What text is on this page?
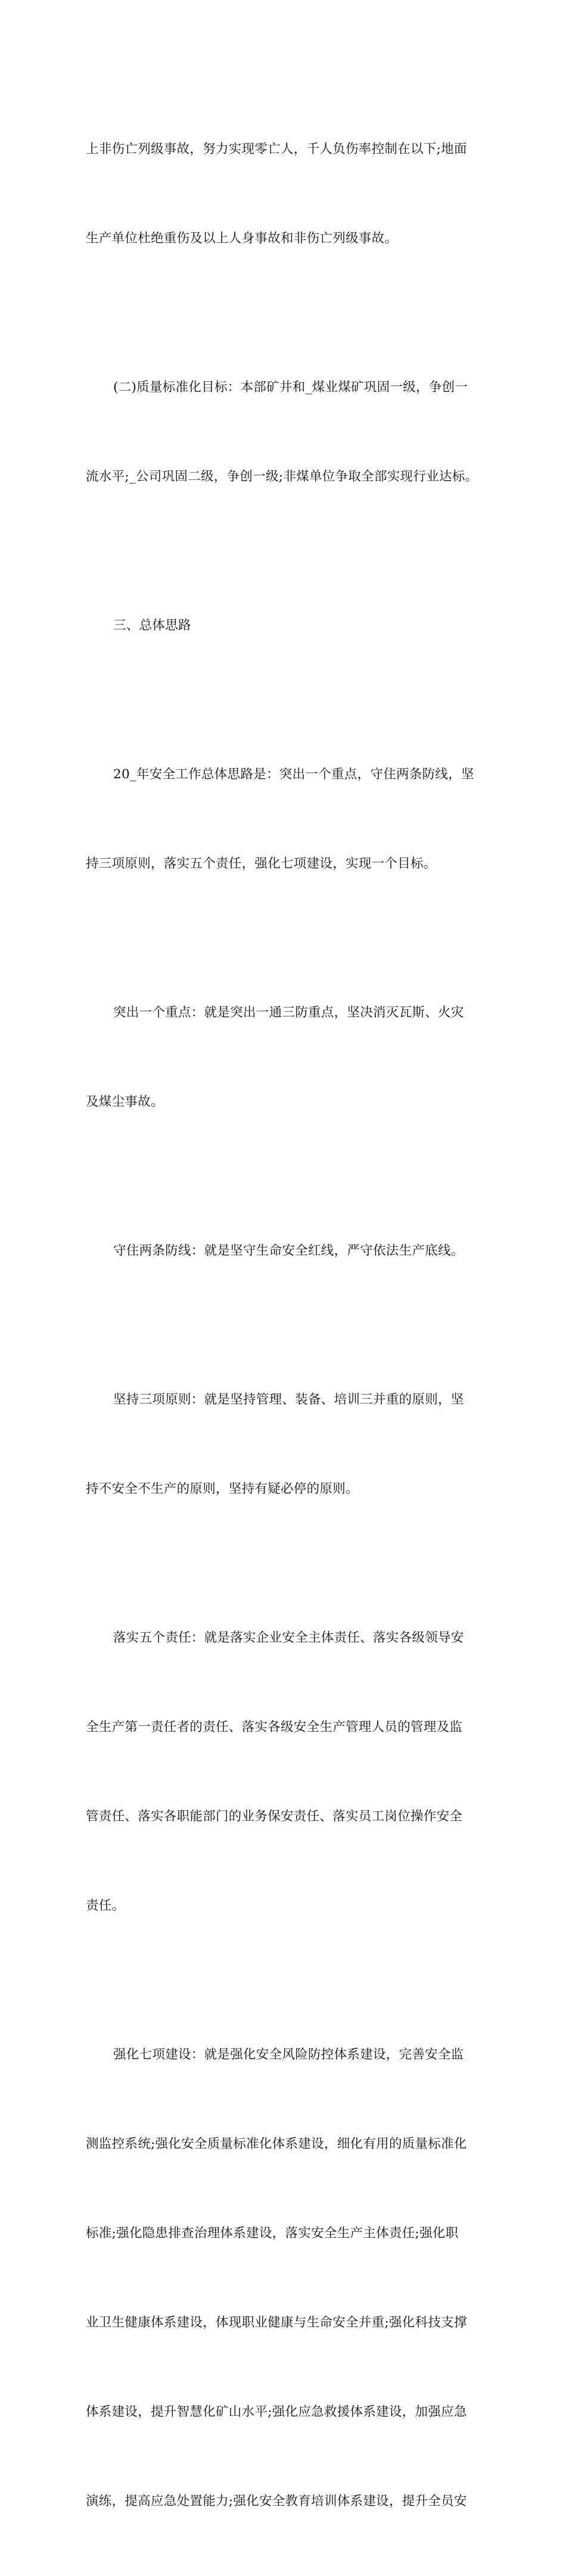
上非伤亡列级事故，努力实现零亡人，千人负伤率控制在以下;地面

生产单位杜绝重伤及以上人身事故和非伤亡列级事故。

(二)质量标准化目标：本部矿井和_煤业煤矿巩固一级，争创一

流水平;_公司巩固二级，争创一级;非煤单位争取全部实现行业达标。

三、总体思路

20_年安全工作总体思路是：突出一个重点，守住两条防线，坚

持三项原则，落实五个责任，强化七项建设，实现一个目标。

突出一个重点：就是突出一通三防重点，坚决消灭瓦斯、火灾

及煤尘事故。

守住两条防线：就是坚守生命安全红线，严守依法生产底线。

坚持三项原则：就是坚持管理、装备、培训三并重的原则，坚

持不安全不生产的原则，坚持有疑必停的原则。

落实五个责任：就是落实企业安全主体责任、落实各级领导安

全生产第一责任者的责任、落实各级安全生产管理人员的管理及监

管责任、落实各职能部门的业务保安责任、落实员工岗位操作安全

责任。

强化七项建设：就是强化安全风险防控体系建设，完善安全监

测监控系统;强化安全质量标准化体系建设，细化有用的质量标准化

标准;强化隐患排查治理体系建设，落实安全生产主体责任;强化职

业卫生健康体系建设，体现职业健康与生命安全并重;强化科技支撑

体系建设，提升智慧化矿山水平;强化应急救援体系建设，加强应急

演练，提高应急处置能力;强化安全教育培训体系建设，提升全员安
